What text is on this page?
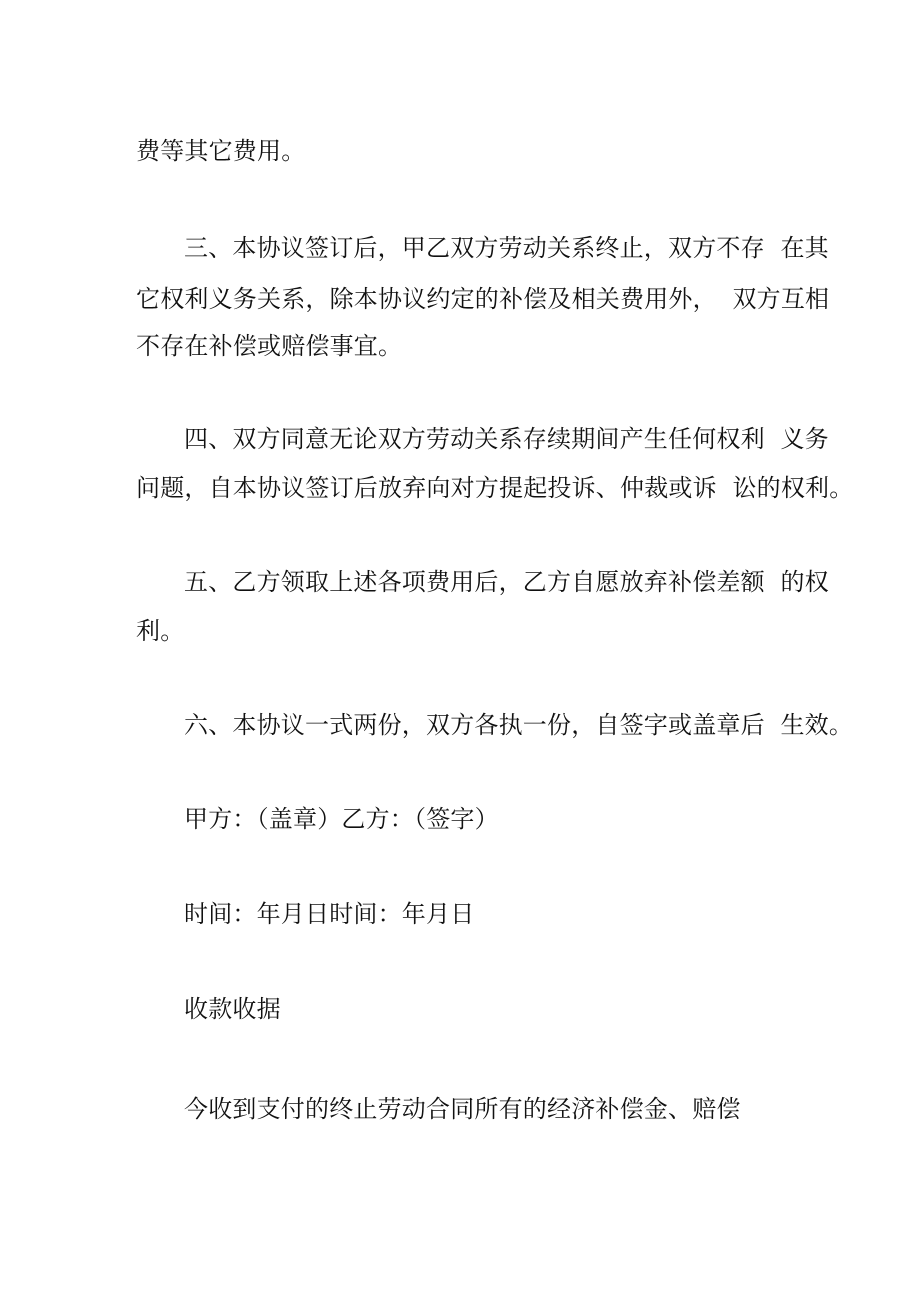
费等其它费用。
三、本协议签订后，甲乙双方劳动关系终止，双方不存  在其
它权利义务关系，除本协议约定的补偿及相关费用外，  双方互相
不存在补偿或赔偿事宜。
四、双方同意无论双方劳动关系存续期间产生任何权利  义务
问题，自本协议签订后放弃向对方提起投诉、仲裁或诉  讼的权利。
五、乙方领取上述各项费用后，乙方自愿放弃补偿差额  的权
利。
六、本协议一式两份，双方各执一份，自签字或盖章后  生效。
甲方：（盖章）乙方：（签字）
时间：年月日时间：年月日
收款收据
今收到支付的终止劳动合同所有的经济补偿金、赔偿
